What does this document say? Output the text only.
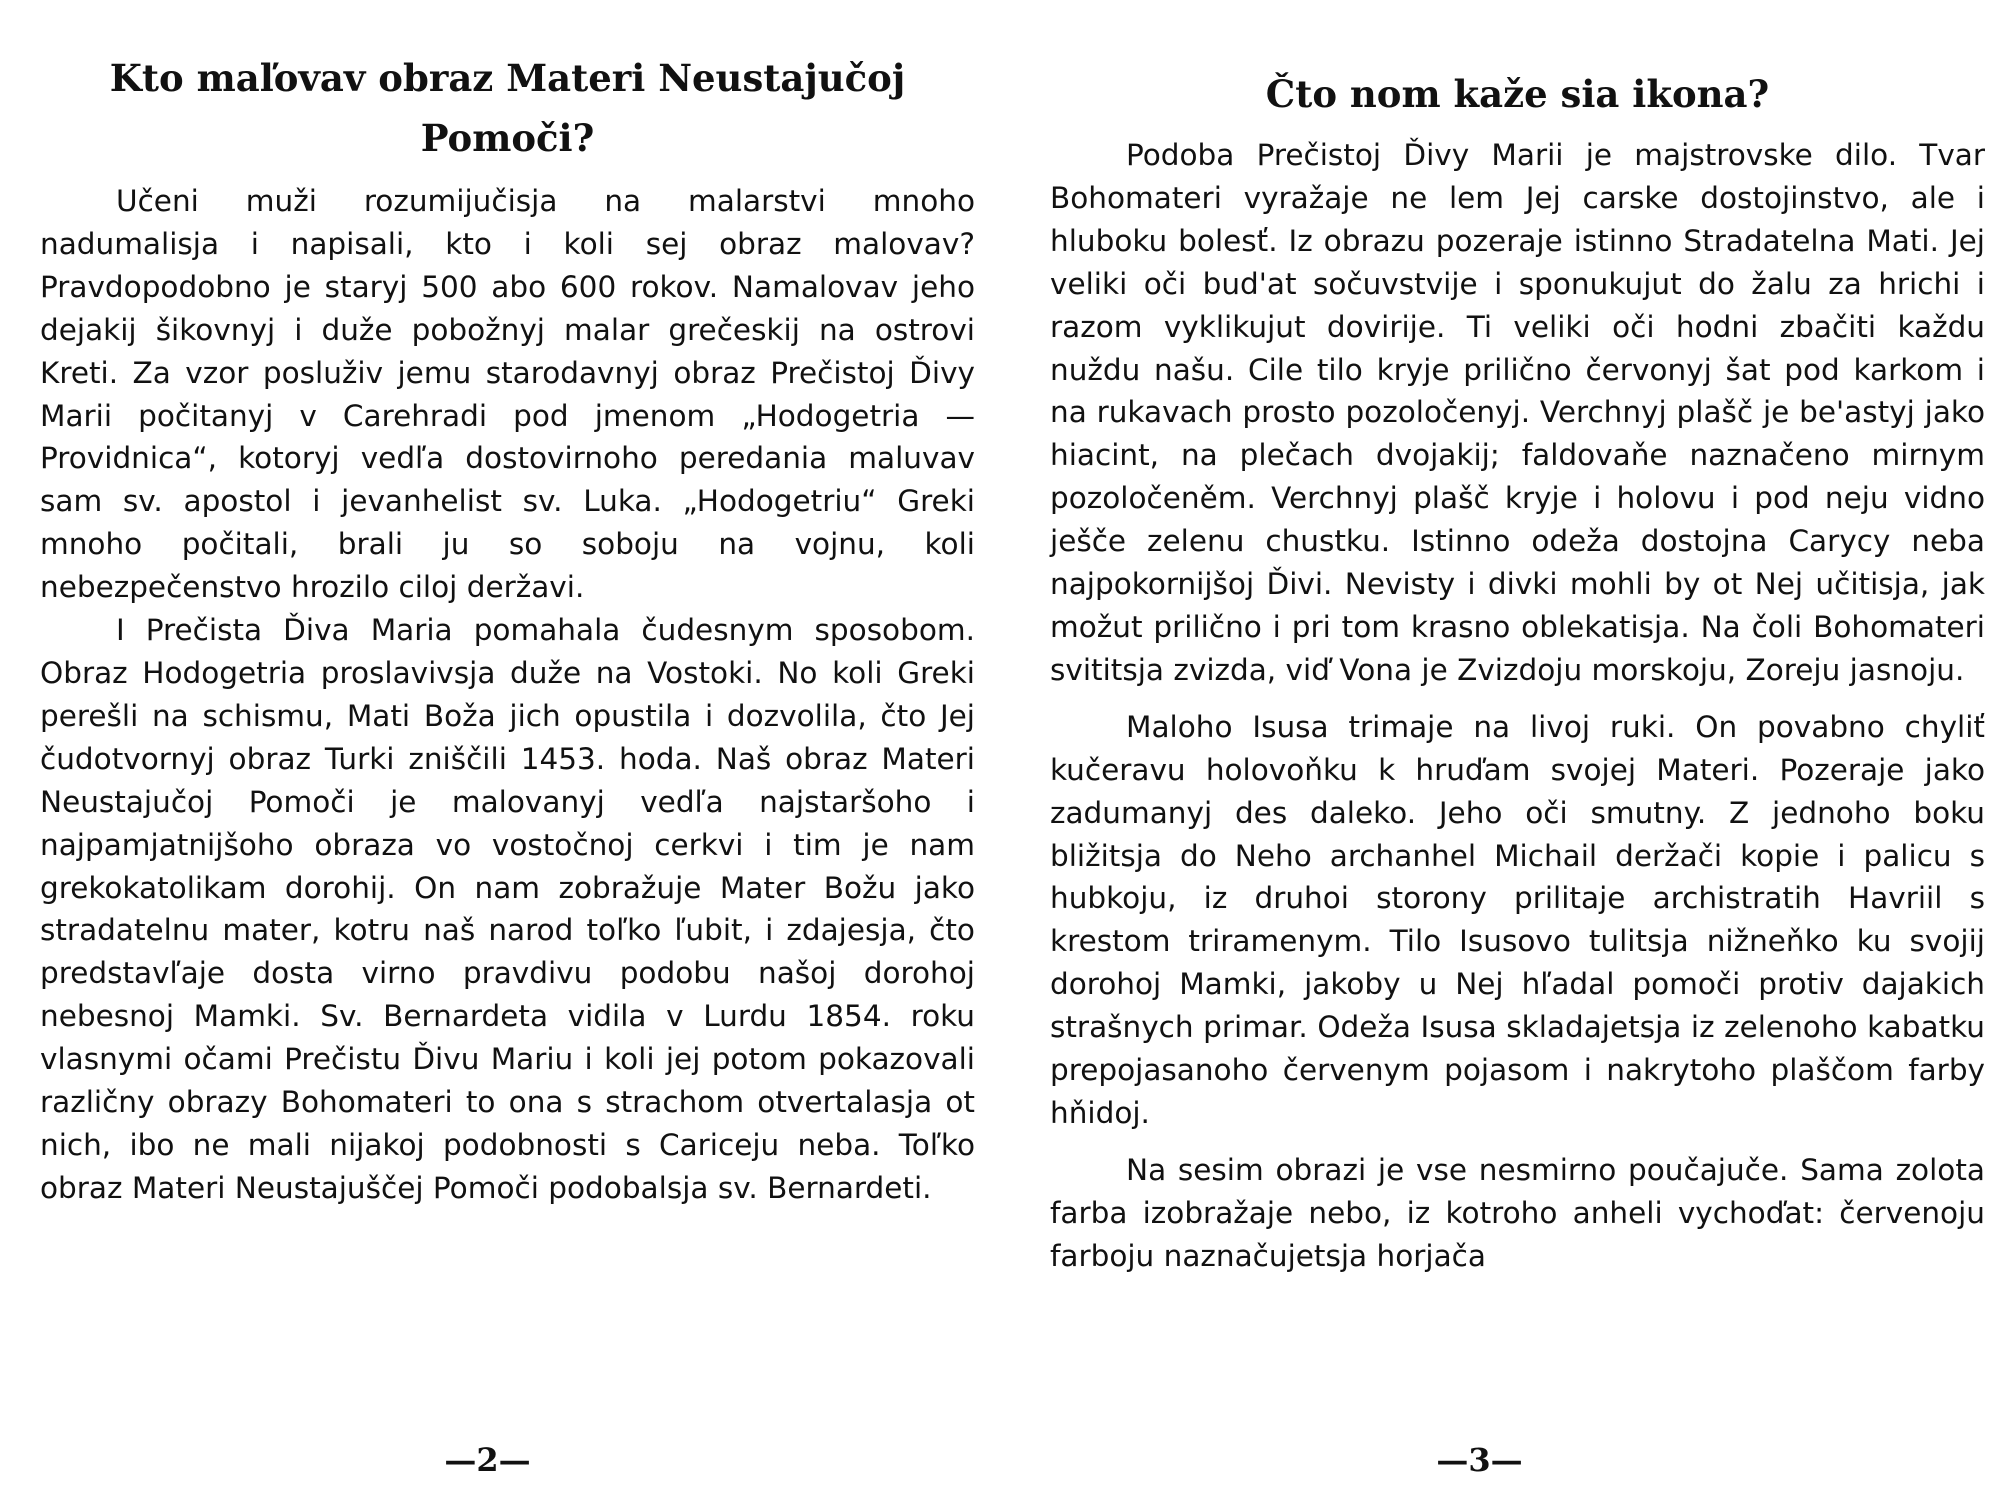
Kto maľovav obraz Materi Neustajučoj Pomoči?

Učeni muži rozumijučisja na malarstvi mnoho nadumalisja i napisali, kto i koli sej obraz malovav? Pravdopodobno je staryj 500 abo 600 rokov. Namalovav jeho dejakij šikovnyj i duže pobožnyj malar grečeskij na ostrovi Kreti. Za vzor posluživ jemu starodavnyj obraz Prečistoj Ďivy Marii počitanyj v Carehradi pod jmenom „Hodogetria — Providnica“, kotoryj vedľa dostovirnoho peredania maluvav sam sv. apostol i jevanhelist sv. Luka. „Hodogetriu“ Greki mnoho počitali, brali ju so soboju na vojnu, koli nebezpečenstvo hrozilo ciloj deržavi.

I Prečista Ďiva Maria pomahala čudesnym sposobom. Obraz Hodogetria proslavivsja duže na Vostoki. No koli Greki perešli na schismu, Mati Boža jich opustila i dozvolila, čto Jej čudotvornyj obraz Turki zniščili 1453. hoda. Naš obraz Materi Neustajučoj Pomoči je malovanyj vedľa najstaršoho i najpamjatnijšoho obraza vo vostočnoj cerkvi i tim je nam grekokatolikam dorohij. On nam zobražuje Mater Božu jako stradatelnu mater, kotru naš narod toľko ľubit, i zdajesja, čto predstavľaje dosta virno pravdivu podobu našoj dorohoj nebesnoj Mamki. Sv. Bernardeta vidila v Lurdu 1854. roku vlasnymi očami Prečistu Ďivu Mariu i koli jej potom pokazovali različny obrazy Bohomateri to ona s strachom otvertalasja ot nich, ibo ne mali nijakoj podobnosti s Cariceju neba. Toľko obraz Materi Neustajuščej Pomoči podobalsja sv. Bernardeti.

—2—
Čto nom kaže sia ikona?

Podoba Prečistoj Ďivy Marii je majstrovske dilo. Tvar Bohomateri vyražaje ne lem Jej carske dostojinstvo, ale i hluboku bolesť. Iz obrazu pozeraje istinno Stradatelna Mati. Jej veliki oči bud'at sočuvstvije i sponukujut do žalu za hrichi i razom vyklikujut dovirije. Ti veliki oči hodni zbačiti každu nuždu našu. Cile tilo kryje priličnо červonyj šat pod karkom i na rukavach prosto pozoločenyj. Verchnyj plašč je be'astyj jako hiacint, na plečach dvojakij; faldovaňe naznačeno mirnym pozoločeněm. Verchnyj plašč kryje i holovu i pod neju vidno ješče zelenu chustku. Istinno odeža dostojna Carycy neba najpokornijšoj Ďivi. Nevisty i divki mohli by ot Nej učitisja, jak možut prilično i pri tom krasno oblekatisja. Na čoli Bohomateri svititsja zvizda, viď Vona je Zvizdoju morskoju, Zoreju jasnoju.

Maloho Isusa trimaje na livoj ruki. On povabno chyliť kučeravu holovoňku k hruďam svojej Materi. Pozeraje jako zadumanyj des daleko. Jeho oči smutny. Z jednoho boku bližitsja do Neho archanhel Michail deržači kopie i palicu s hubkoju, iz druhoi storony prilitaje archistratih Havriil s krestom triramenym. Tilo Isusovo tulitsja nižneňko ku svojij dorohoj Mamki, jakoby u Nej hľadal pomoči protiv dajakich strašnych primar. Odeža Isusa skladajetsja iz zelenoho kabatku prepojasanoho červenym pojasom i nakrytoho plaščom farby hňidoj.

Na sesim obrazi je vse nesmirno poučajuče. Sama zolota farba izobražaje nebo, iz kotroho anheli vychoďat: červenoju farboju naznačujetsja horjača

—3—
